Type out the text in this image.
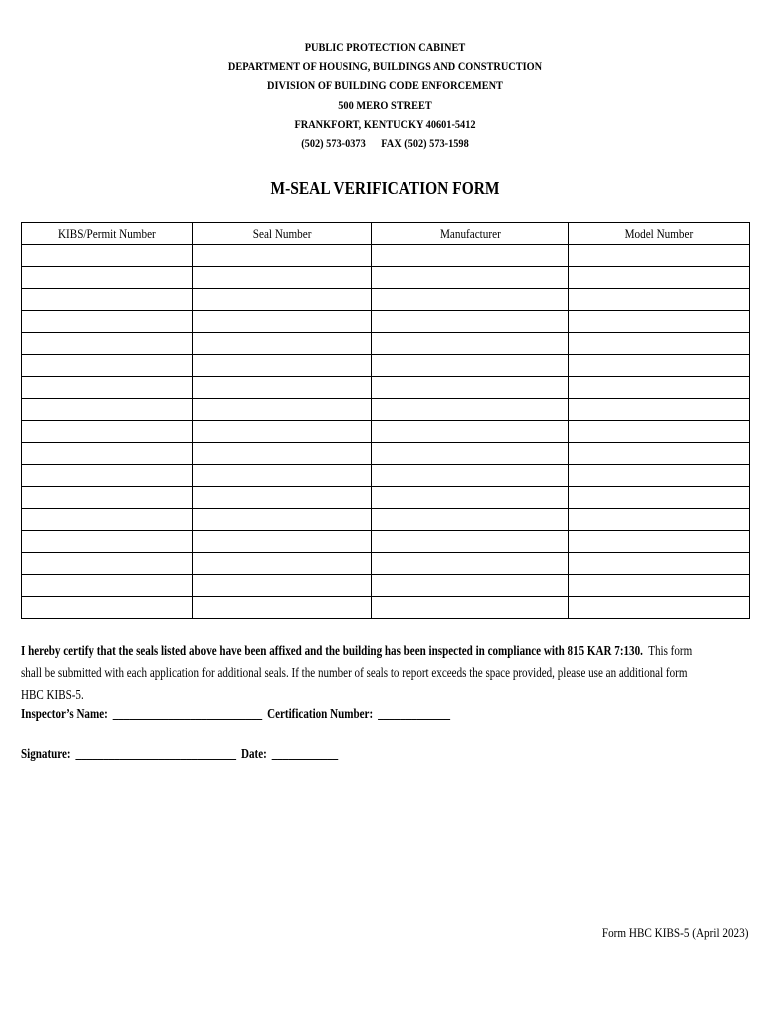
PUBLIC PROTECTION CABINET
DEPARTMENT OF HOUSING, BUILDINGS AND CONSTRUCTION
DIVISION OF BUILDING CODE ENFORCEMENT
500 MERO STREET
FRANKFORT, KENTUCKY 40601-5412
(502) 573-0373 FAX (502) 573-1598
M-SEAL VERIFICATION FORM
KIBS/Permit Number	Seal Number	Manufacturer	Model Number

I hereby certify that the seals listed above have been affixed and the building has been inspected in compliance with 815 KAR 7:130. This form shall be submitted with each application for additional seals. If the number of seals to report exceeds the space provided, please use an additional form HBC KIBS-5.
Inspector’s Name: ___________________________ Certification Number: _____________
Signature: _____________________________ Date: ____________
Form HBC KIBS-5 (April 2023)
